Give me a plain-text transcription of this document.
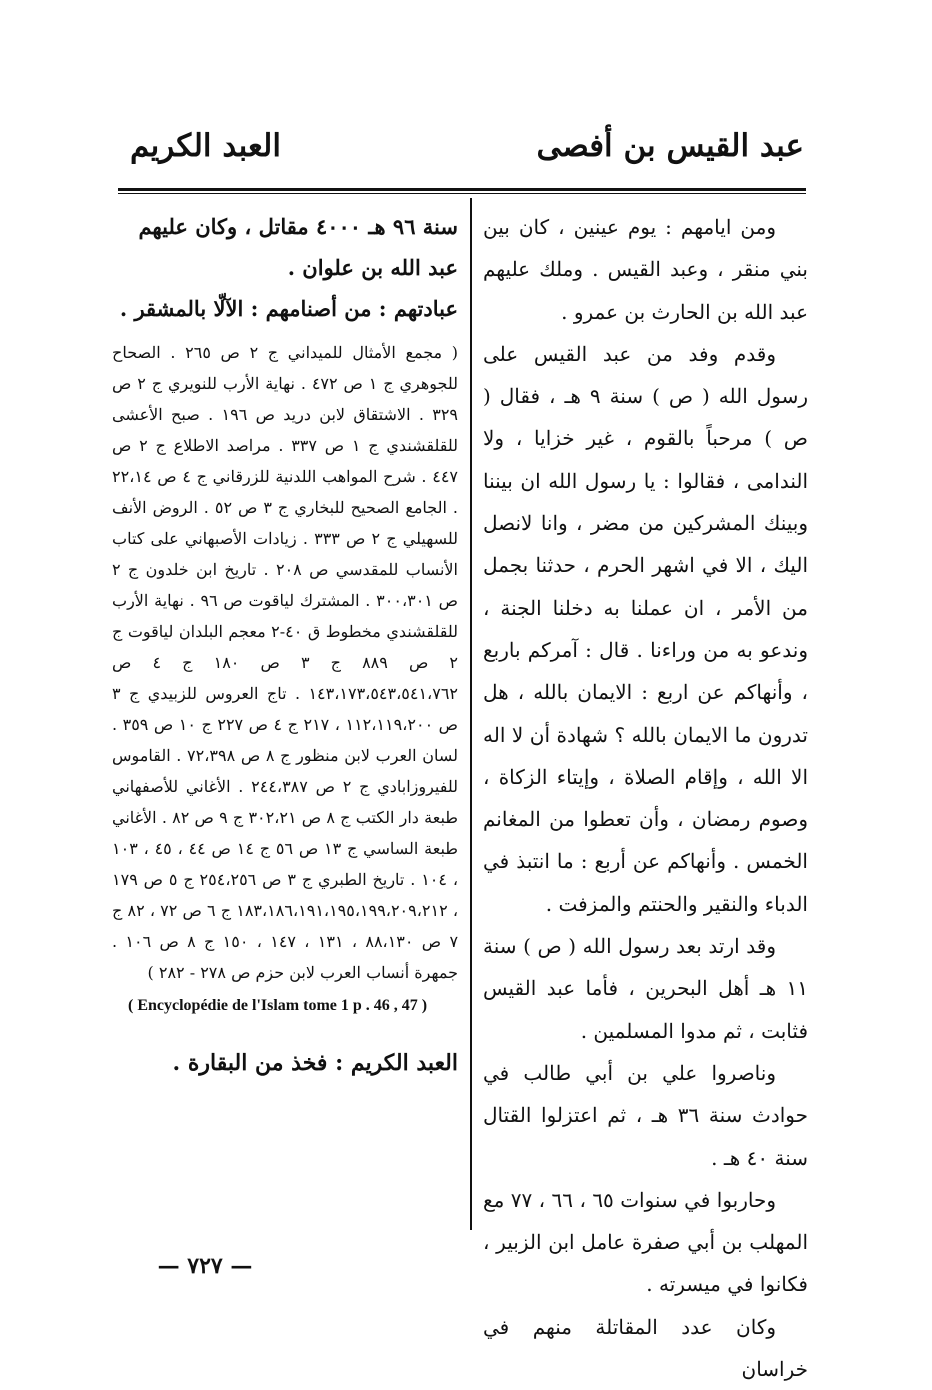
عبد القيس بن أفصى
العبد الكريم

ومن ايامهم : يوم عينين ، كان بين بني منقر ، وعبد القيس . وملك عليهم عبد الله بن الحارث بن عمرو .

وقدم وفد من عبد القيس على رسول الله ( ص ) سنة ٩ هـ ، فقال ( ص ) مرحباً بالقوم ، غير خزايا ، ولا الندامى ، فقالوا : يا رسول الله ان بيننا وبينك المشركين من مضر ، وانا لانصل اليك ، الا في اشهر الحرم ، حدثنا بجمل من الأمر ، ان عملنا به دخلنا الجنة ، وندعو به من وراءنا . قال : آمركم باربع ، وأنهاكم عن اربع : الايمان بالله ، هل تدرون ما الايمان بالله ؟ شهادة أن لا اله الا الله ، وإقام الصلاة ، وإيتاء الزكاة ، وصوم رمضان ، وأن تعطوا من المغانم الخمس . وأنهاكم عن أربع : ما انتبذ في الدباء والنقير والحنتم والمزفت .

وقد ارتد بعد رسول الله ( ص ) سنة ١١ هـ أهل البحرين ، فأما عبد القيس فثابت ، ثم مدوا المسلمين .

وناصروا علي بن أبي طالب في حوادث سنة ٣٦ هـ ، ثم اعتزلوا القتال سنة ٤٠ هـ .

وحاربوا في سنوات ٦٥ ، ٦٦ ، ٧٧ مع المهلب بن أبي صفرة عامل ابن الزبير ، فكانوا في ميسرته .

وكان عدد المقاتلة منهم في خراسان

سنة ٩٦ هـ ٤٠٠٠ مقاتل ، وكان عليهم عبد الله بن علوان .

عبادتهم : من أصنامهم : الآلّا بالمشقر .

( مجمع الأمثال للميداني ج ٢ ص ٢٦٥ . الصحاح للجوهري ج ١ ص ٤٧٢ . نهاية الأرب للنويري ج ٢ ص ٣٢٩ . الاشتقاق لابن دريد ص ١٩٦ . صبح الأعشى للقلقشندي ج ١ ص ٣٣٧ . مراصد الاطلاع ج ٢ ص ٤٤٧ . شرح المواهب اللدنية للزرقاني ج ٤ ص ٢٢،١٤ . الجامع الصحيح للبخاري ج ٣ ص ٥٢ . الروض الأنف للسهيلي ج ٢ ص ٣٣٣ . زيادات الأصبهاني على كتاب الأنساب للمقدسي ص ٢٠٨ . تاريخ ابن خلدون ج ٢ ص ٣٠٠،٣٠١ . المشترك لياقوت ص ٩٦ . نهاية الأرب للقلقشندي مخطوط ق ٤٠-٢ معجم البلدان لياقوت ج ٢ ص ٨٨٩ ج ٣ ص ١٨٠ ج ٤ ص ١٤٣،١٧٣،٥٤٣،٥٤١،٧٦٢ . تاج العروس للزبيدي ج ٣ ص ١١٢،١١٩،٢٠٠ ، ٢١٧ ج ٤ ص ٢٢٧ ج ١٠ ص ٣٥٩ . لسان العرب لابن منظور ج ٨ ص ٧٢،٣٩٨ . القاموس للفيروزابادي ج ٢ ص ٢٤٤،٣٨٧ . الأغاني للأصفهاني طبعة دار الكتب ج ٨ ص ٣٠٢،٢١ ج ٩ ص ٨٢ . الأغاني طبعة الساسي ج ١٣ ص ٥٦ ج ١٤ ص ٤٤ ، ٤٥ ، ١٠٣ ، ١٠٤ . تاريخ الطبري ج ٣ ص ٢٥٤،٢٥٦ ج ٥ ص ١٧٩ ، ١٨٣،١٨٦،١٩١،١٩٥،١٩٩،٢٠٩،٢١٢ ج ٦ ص ٧٢ ، ٨٢ ج ٧ ص ٨٨،١٣٠ ، ١٣١ ، ١٤٧ ، ١٥٠ ج ٨ ص ١٠٦ . جمهرة أنساب العرب لابن حزم ص ٢٧٨ - ٢٨٢ )

( Encyclopédie de l'Islam tome 1 p . 46 , 47 )

العبد الكريم : فخذ من البقارة .

— ٧٢٧ —
